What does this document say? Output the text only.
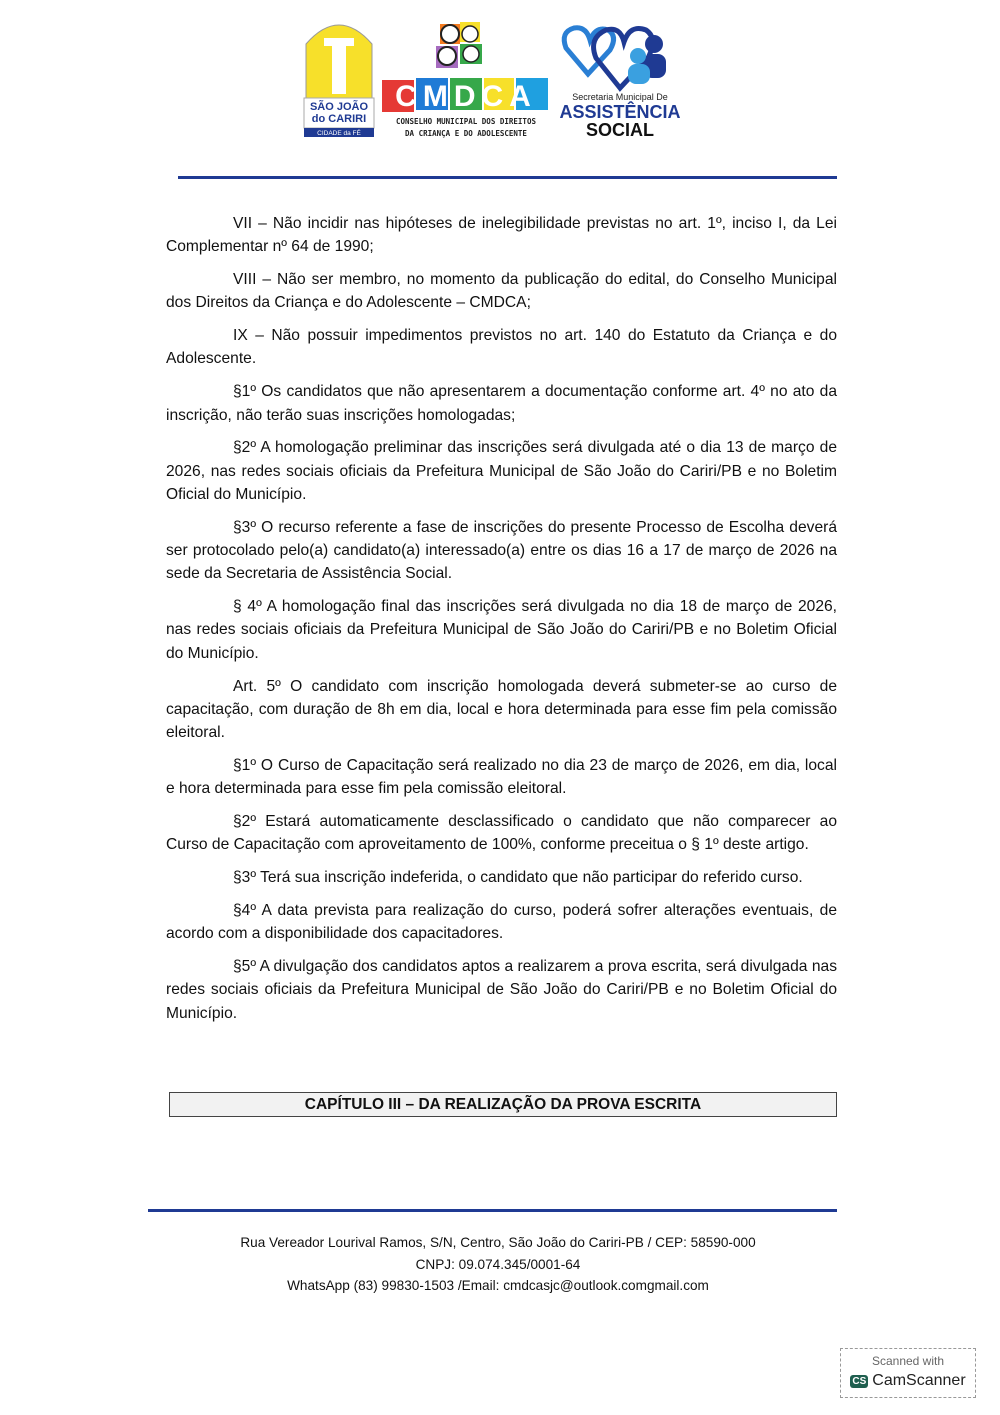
SÃO JOÃO
do CARIRI
CIDADE da FÉ
CMDCA
CONSELHO MUNICIPAL DOS DIREITOS
DA CRIANÇA E DO ADOLESCENTE
Secretaria Municipal De
ASSISTÊNCIA
SOCIAL

VII – Não incidir nas hipóteses de inelegibilidade previstas no art. 1º, inciso I, da Lei Complementar nº 64 de 1990;

VIII – Não ser membro, no momento da publicação do edital, do Conselho Municipal dos Direitos da Criança e do Adolescente – CMDCA;

IX – Não possuir impedimentos previstos no art. 140 do Estatuto da Criança e do Adolescente.

§1º Os candidatos que não apresentarem a documentação conforme art. 4º no ato da inscrição, não terão suas inscrições homologadas;

§2º A homologação preliminar das inscrições será divulgada até o dia 13 de março de 2026, nas redes sociais oficiais da Prefeitura Municipal de São João do Cariri/PB e no Boletim Oficial do Município.

§3º O recurso referente a fase de inscrições do presente Processo de Escolha deverá ser protocolado pelo(a) candidato(a) interessado(a) entre os dias 16 a 17 de março de 2026 na sede da Secretaria de Assistência Social.

§ 4º A homologação final das inscrições será divulgada no dia 18 de março de 2026, nas redes sociais oficiais da Prefeitura Municipal de São João do Cariri/PB e no Boletim Oficial do Município.

Art. 5º O candidato com inscrição homologada deverá submeter-se ao curso de capacitação, com duração de 8h em dia, local e hora determinada para esse fim pela comissão eleitoral.

§1º O Curso de Capacitação será realizado no dia 23 de março de 2026, em dia, local e hora determinada para esse fim pela comissão eleitoral.

§2º Estará automaticamente desclassificado o candidato que não comparecer ao Curso de Capacitação com aproveitamento de 100%, conforme preceitua o § 1º deste artigo.

§3º Terá sua inscrição indeferida, o candidato que não participar do referido curso.

§4º A data prevista para realização do curso, poderá sofrer alterações eventuais, de acordo com a disponibilidade dos capacitadores.

§5º A divulgação dos candidatos aptos a realizarem a prova escrita, será divulgada nas redes sociais oficiais da Prefeitura Municipal de São João do Cariri/PB e no Boletim Oficial do Município.

CAPÍTULO III – DA REALIZAÇÃO DA PROVA ESCRITA
Rua Vereador Lourival Ramos, S/N, Centro, São João do Cariri-PB / CEP: 58590-000
CNPJ: 09.074.345/0001-64
WhatsApp (83) 99830-1503 /Email: cmdcasjc@outlook.comgmail.com
Scanned with
CS CamScanner
